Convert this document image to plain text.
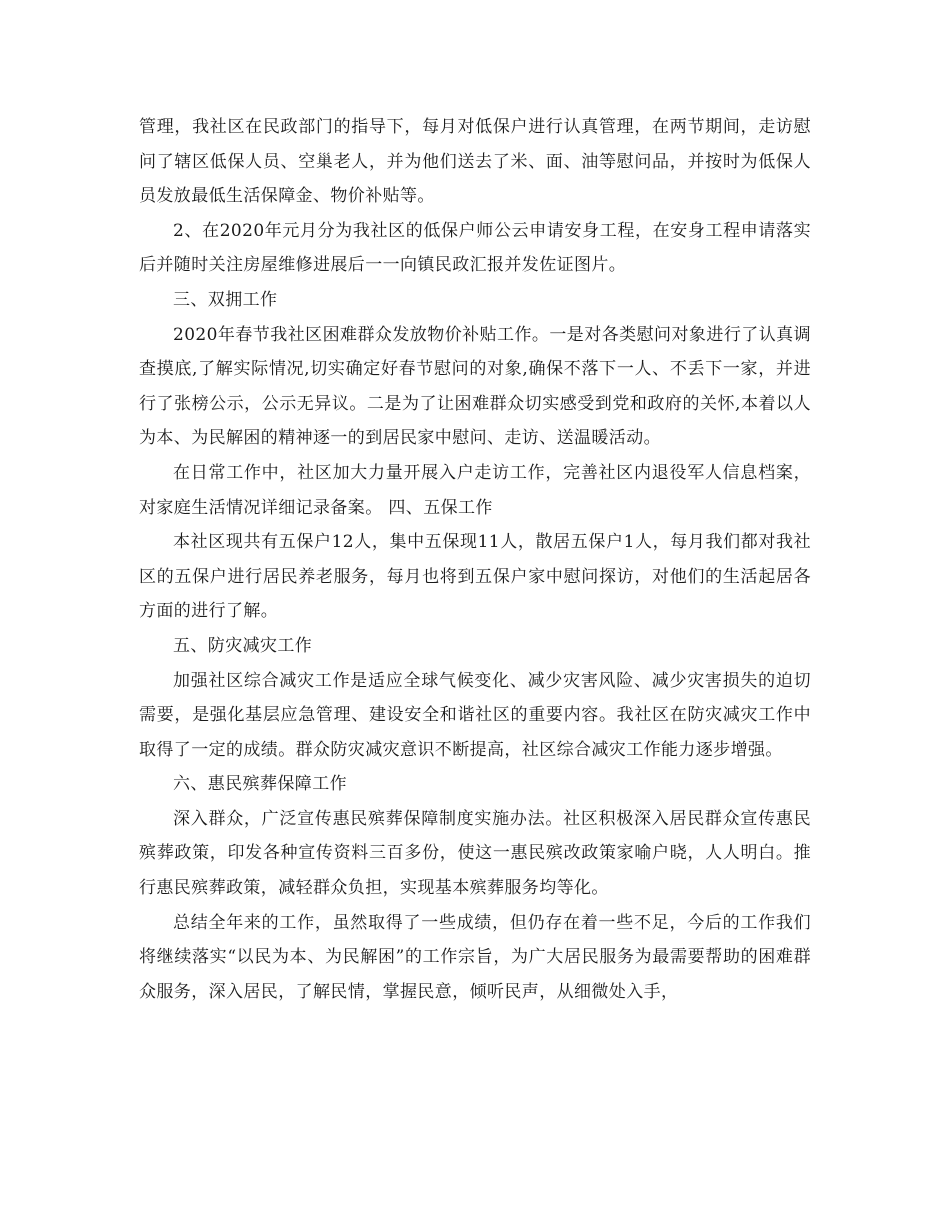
管理，我社区在民政部门的指导下，每月对低保户进行认真管理，在两节期间，走访慰问了辖区低保人员、空巢老人，并为他们送去了米、面、油等慰问品，并按时为低保人员发放最低生活保障金、物价补贴等。

2、在2020年元月分为我社区的低保户师公云申请安身工程，在安身工程申请落实后并随时关注房屋维修进展后一一向镇民政汇报并发佐证图片。

三、双拥工作

2020年春节我社区困难群众发放物价补贴工作。一是对各类慰问对象进行了认真调查摸底,了解实际情况,切实确定好春节慰问的对象,确保不落下一人、不丢下一家，并进行了张榜公示，公示无异议。二是为了让困难群众切实感受到党和政府的关怀,本着以人为本、为民解困的精神逐一的到居民家中慰问、走访、送温暖活动。

在日常工作中，社区加大力量开展入户走访工作，完善社区内退役军人信息档案，对家庭生活情况详细记录备案。 四、五保工作

本社区现共有五保户12人，集中五保现11人，散居五保户1人，每月我们都对我社区的五保户进行居民养老服务，每月也将到五保户家中慰问探访，对他们的生活起居各方面的进行了解。

五、防灾减灾工作

加强社区综合减灾工作是适应全球气候变化、减少灾害风险、减少灾害损失的迫切需要，是强化基层应急管理、建设安全和谐社区的重要内容。我社区在防灾减灾工作中取得了一定的成绩。群众防灾减灾意识不断提高，社区综合减灾工作能力逐步增强。

六、惠民殡葬保障工作

深入群众，广泛宣传惠民殡葬保障制度实施办法。社区积极深入居民群众宣传惠民殡葬政策，印发各种宣传资料三百多份，使这一惠民殡改政策家喻户晓，人人明白。推行惠民殡葬政策，减轻群众负担，实现基本殡葬服务均等化。

总结全年来的工作，虽然取得了一些成绩，但仍存在着一些不足，今后的工作我们将继续落实“以民为本、为民解困”的工作宗旨，为广大居民服务为最需要帮助的困难群众服务，深入居民，了解民情，掌握民意，倾听民声，从细微处入手，
